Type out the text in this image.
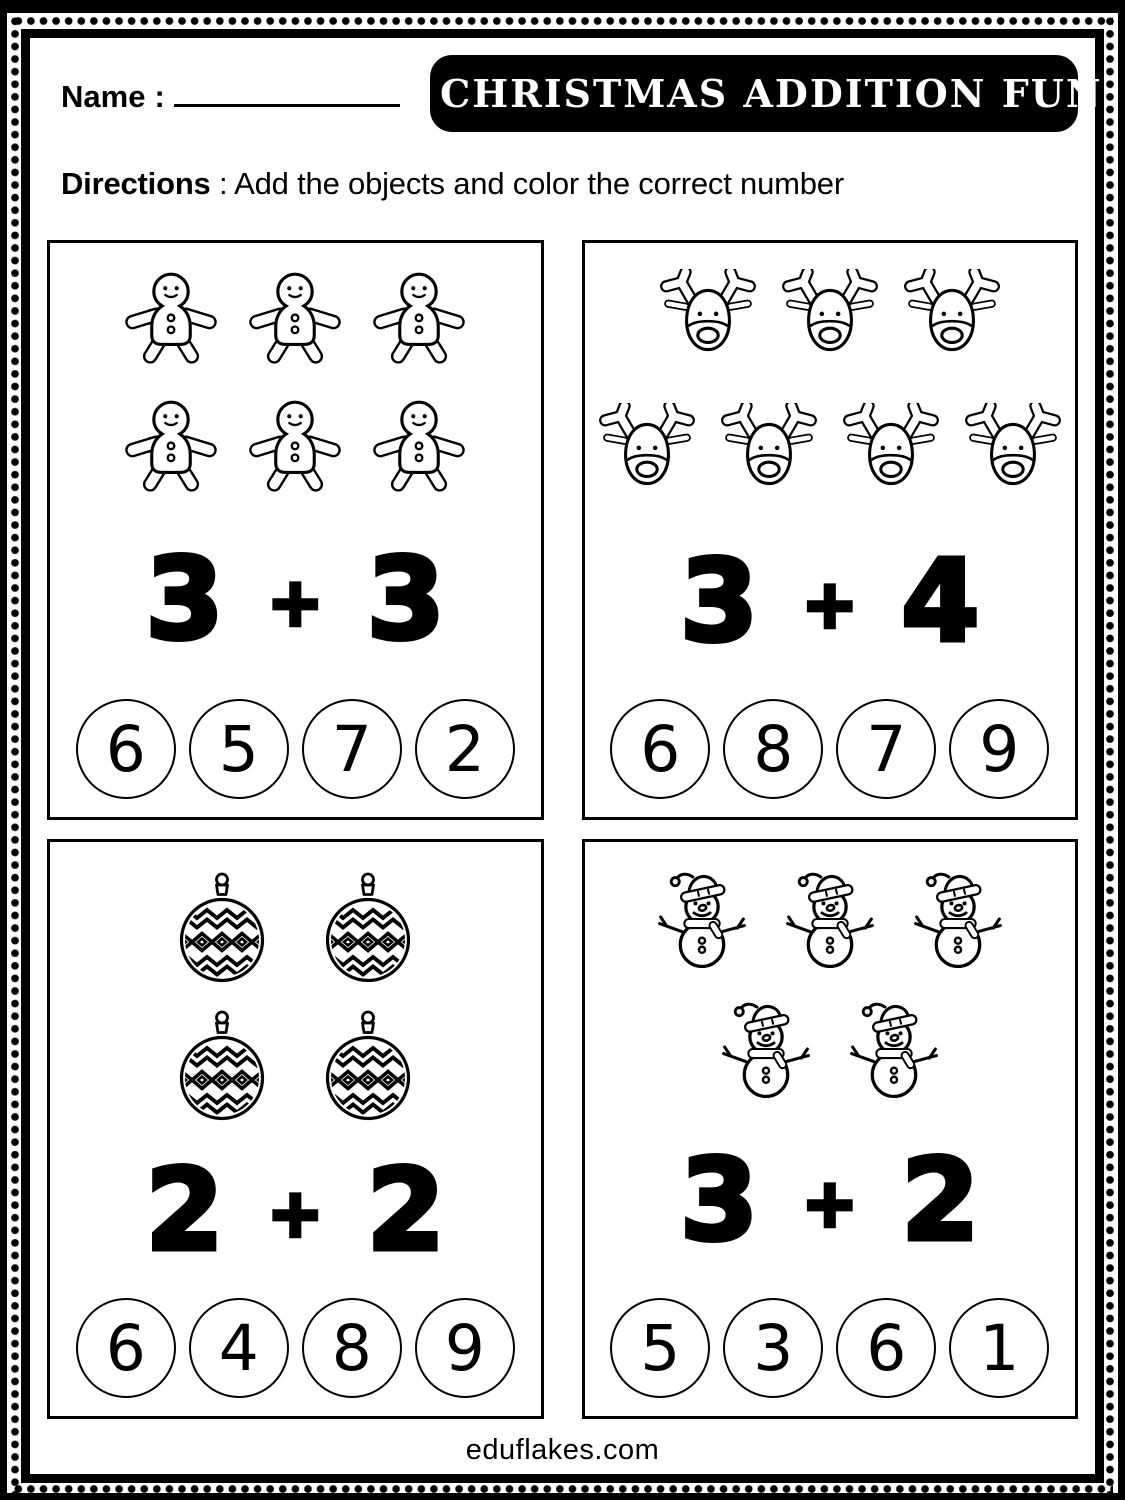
Name :	CHRISTMAS ADDITION FUN
Directions : Add the objects and color the correct number
3 + 3
6	5	7	2
3 + 4
6	8	7	9
2 + 2
6	4	8	9
3 + 2
5	3	6	1
eduflakes.com
